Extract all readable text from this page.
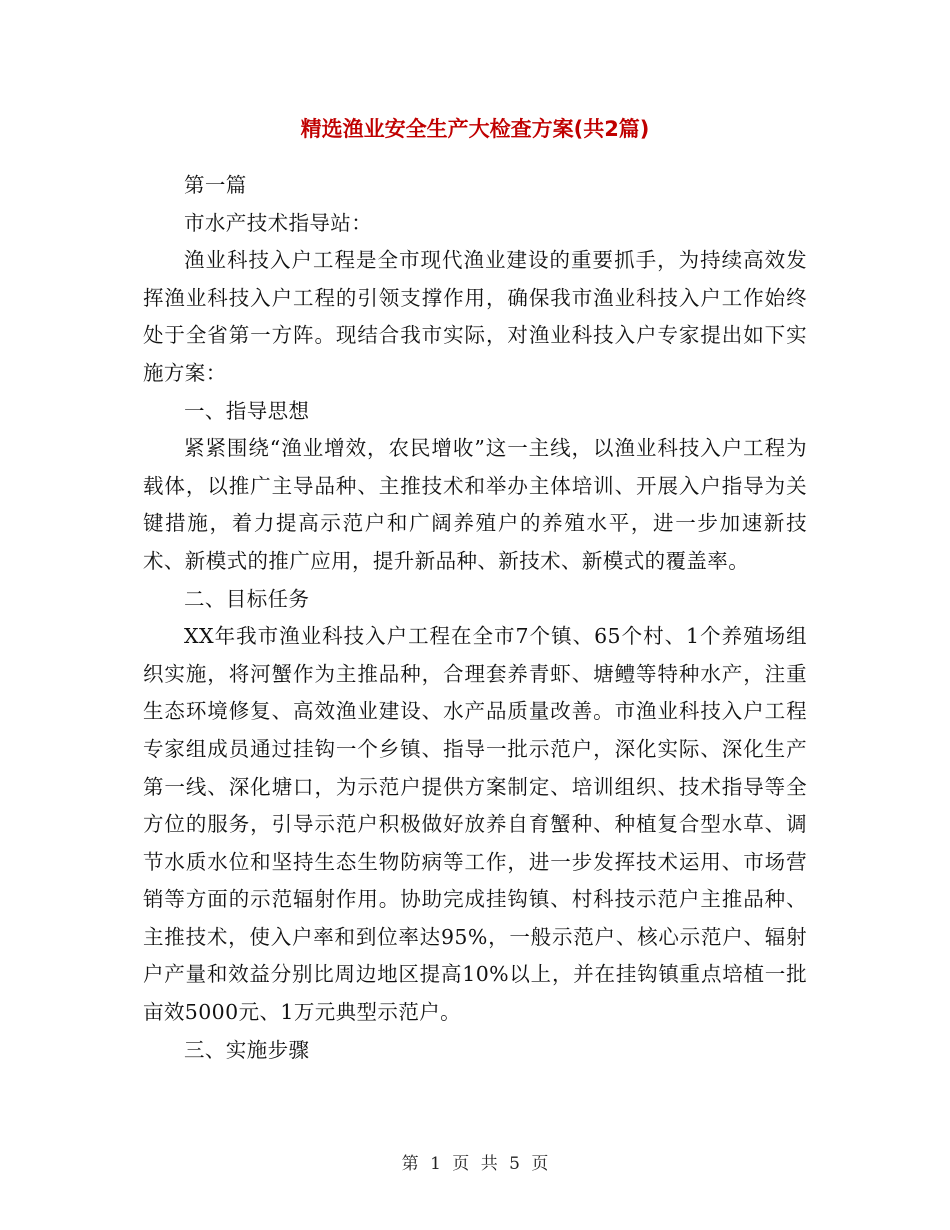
精选渔业安全生产大检查方案(共2篇)

第一篇

市水产技术指导站：

渔业科技入户工程是全市现代渔业建设的重要抓手，为持续高效发挥渔业科技入户工程的引领支撑作用，确保我市渔业科技入户工作始终处于全省第一方阵。现结合我市实际，对渔业科技入户专家提出如下实施方案：

一、指导思想

紧紧围绕“渔业增效，农民增收”这一主线，以渔业科技入户工程为载体，以推广主导品种、主推技术和举办主体培训、开展入户指导为关键措施，着力提高示范户和广阔养殖户的养殖水平，进一步加速新技术、新模式的推广应用，提升新品种、新技术、新模式的覆盖率。

二、目标任务

XX年我市渔业科技入户工程在全市7个镇、65个村、1个养殖场组织实施，将河蟹作为主推品种，合理套养青虾、塘鳢等特种水产，注重生态环境修复、高效渔业建设、水产品质量改善。市渔业科技入户工程专家组成员通过挂钩一个乡镇、指导一批示范户，深化实际、深化生产第一线、深化塘口，为示范户提供方案制定、培训组织、技术指导等全方位的服务，引导示范户积极做好放养自育蟹种、种植复合型水草、调节水质水位和坚持生态生物防病等工作，进一步发挥技术运用、市场营销等方面的示范辐射作用。协助完成挂钩镇、村科技示范户主推品种、主推技术，使入户率和到位率达95%，一般示范户、核心示范户、辐射户产量和效益分别比周边地区提高10%以上，并在挂钩镇重点培植一批亩效5000元、1万元典型示范户。

三、实施步骤

第 1 页 共 5 页
